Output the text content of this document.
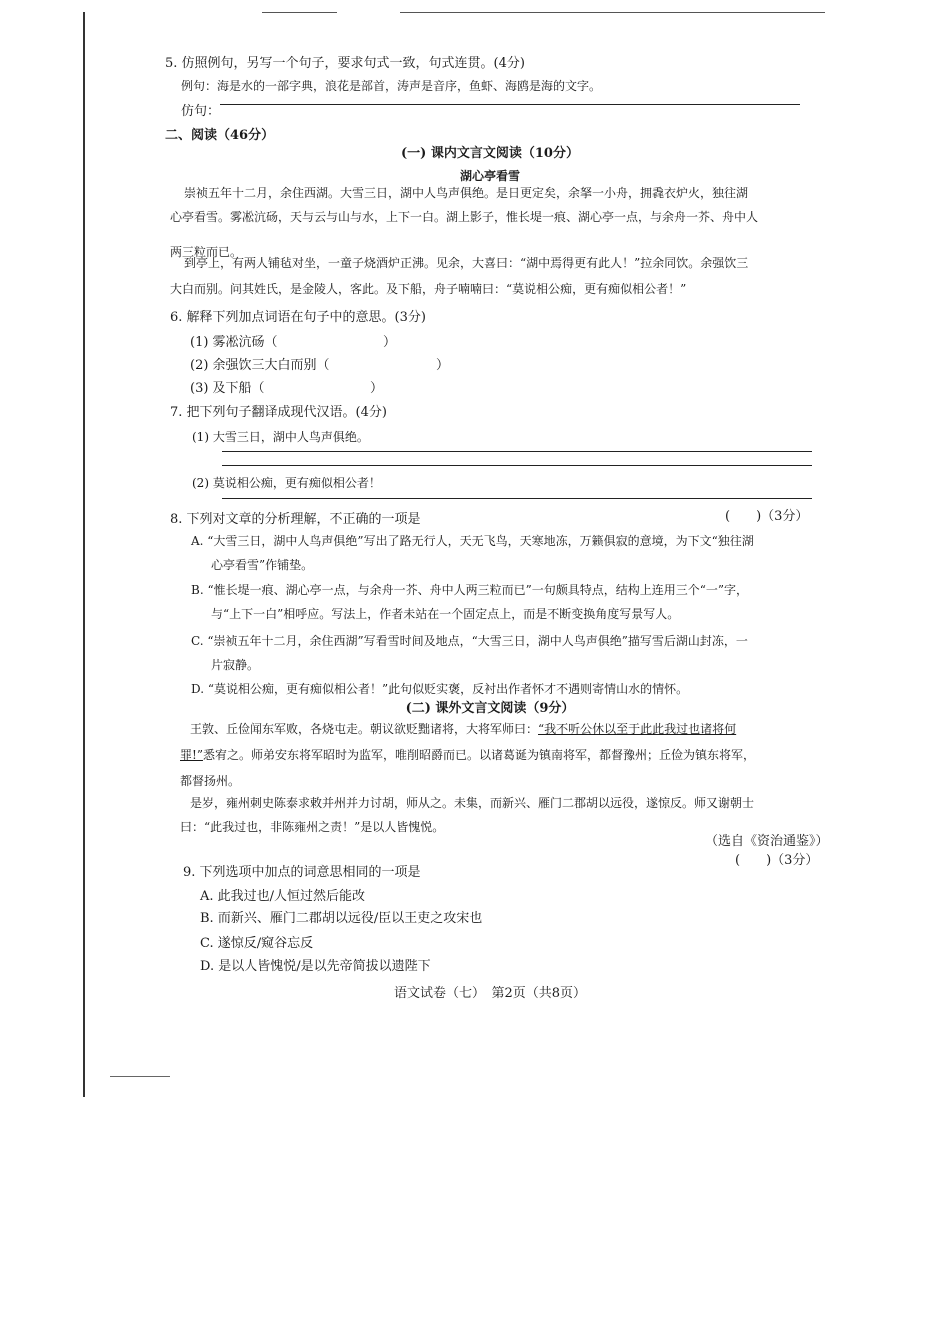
5. 仿照例句，另写一个句子，要求句式一致，句式连贯。(4分)
例句：海是水的一部字典，浪花是部首，涛声是音序，鱼虾、海鸥是海的文字。
仿句：
二、阅读（46分）
(一) 课内文言文阅读（10分）
湖心亭看雪
崇祯五年十二月，余住西湖。大雪三日，湖中人鸟声俱绝。是日更定矣，余拏一小舟，拥毳衣炉火，独往湖
心亭看雪。雾凇沆砀，天与云与山与水，上下一白。湖上影子，惟长堤一痕、湖心亭一点，与余舟一芥、舟中人
两三粒而已。
到亭上，有两人铺毡对坐，一童子烧酒炉正沸。见余，大喜曰：“湖中焉得更有此人！”拉余同饮。余强饮三
大白而别。问其姓氏，是金陵人，客此。及下船，舟子喃喃曰：“莫说相公痴，更有痴似相公者！”
6. 解释下列加点词语在句子中的意思。(3分)
(1) 雾凇沆砀（	）
(2) 余强饮三大白而别（	）
(3) 及下船（	）
7. 把下列句子翻译成现代汉语。(4分)
(1) 大雪三日，湖中人鸟声俱绝。
(2) 莫说相公痴，更有痴似相公者！
8. 下列对文章的分析理解，不正确的一项是	(　　)（3分）
A. “大雪三日，湖中人鸟声俱绝”写出了路无行人，天无飞鸟，天寒地冻，万籁俱寂的意境，为下文“独往湖
心亭看雪”作铺垫。
B. “惟长堤一痕、湖心亭一点，与余舟一芥、舟中人两三粒而已”一句颇具特点，结构上连用三个“一”字，
与“上下一白”相呼应。写法上，作者未站在一个固定点上，而是不断变换角度写景写人。
C. “崇祯五年十二月，余住西湖”写看雪时间及地点，“大雪三日，湖中人鸟声俱绝”描写雪后湖山封冻，一
片寂静。
D. “莫说相公痴，更有痴似相公者！”此句似贬实褒，反衬出作者怀才不遇则寄情山水的情怀。
(二) 课外文言文阅读（9分）
王敦、丘俭闻东军败，各烧屯走。朝议欲贬黜诸将，大将军师曰：“我不听公休以至于此此我过也诸将何
罪!”悉宥之。师弟安东将军昭时为监军，唯削昭爵而已。以诸葛诞为镇南将军，都督豫州；丘俭为镇东将军，
都督扬州。
是岁，雍州刺史陈泰求敕并州并力讨胡，师从之。未集，而新兴、雁门二郡胡以远役，遂惊反。师又谢朝士
曰：“此我过也，非陈雍州之责！”是以人皆愧悦。
（选自《资治通鉴》）
9. 下列选项中加点的词意思相同的一项是
(　　)（3分）
A. 此我过也/人恒过然后能改
B. 而新兴、雁门二郡胡以远役/臣以王吏之攻宋也
C. 遂惊反/窥谷忘反
D. 是以人皆愧悦/是以先帝简拔以遗陛下
语文试卷（七）　第2页（共8页）
